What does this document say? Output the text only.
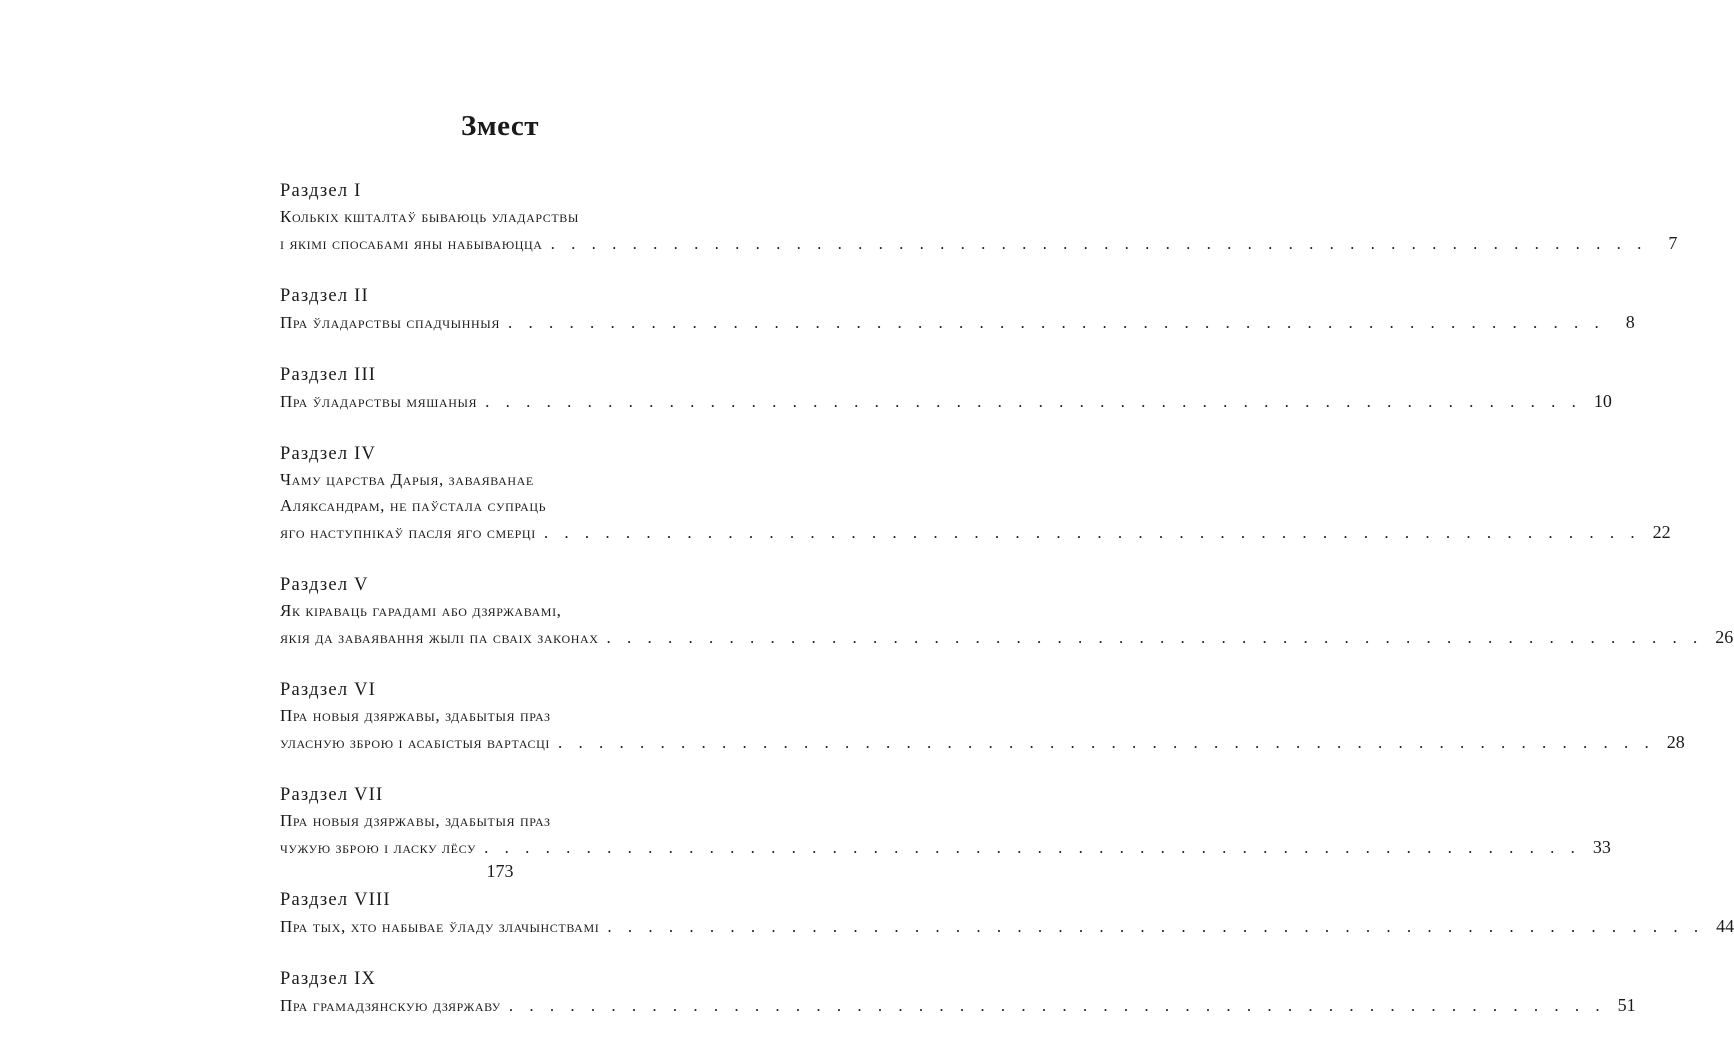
Змест
Раздзел I
Колькіх кшталтаў бываюць уладарствы
і якімі спосабамі яны набываюцца . . . . . . . . . . . . . . . . . . . . . . . . . . . . . . . . . . . . . . . . . . . . . . . . . . . . . .	7
Раздзел II
Пра ўладарствы спадчынныя . . . . . . . . . . . . . . . . . . . . . . . . . . . . . . . . . . . . . . . . . . . . . . . . . . . . . .	8
Раздзел III
Пра ўладарствы мяшаныя . . . . . . . . . . . . . . . . . . . . . . . . . . . . . . . . . . . . . . . . . . . . . . . . . . . . . . 10
Раздзел IV
Чаму царства Дарыя, заваяванае
Аляксандрам, не паўстала супраць
яго наступнікаў пасля яго смерці . . . . . . . . . . . . . . . . . . . . . . . . . . . . . . . . . . . . . . . . . . . . . . . . . . . . . . 22
Раздзел V
Як кіраваць гарадамі або дзяржавамі,
якія да заваявання жылі па сваіх законах . . . . . . . . . . . . . . . . . . . . . . . . . . . . . . . . . . . . . . . . . . . . . . . . . . . . . . 26
Раздзел VI
Пра новыя дзяржавы, здабытыя праз
уласную зброю і асабістыя вартасці . . . . . . . . . . . . . . . . . . . . . . . . . . . . . . . . . . . . . . . . . . . . . . . . . . . . . . 28
Раздзел VII
Пра новыя дзяржавы, здабытыя праз
чужую зброю і ласку лёсу . . . . . . . . . . . . . . . . . . . . . . . . . . . . . . . . . . . . . . . . . . . . . . . . . . . . . . 33
Раздзел VIII
Пра тых, хто набывае ўладу злачынствамі . . . . . . . . . . . . . . . . . . . . . . . . . . . . . . . . . . . . . . . . . . . . . . . . . . . . . . 44
Раздзел IX
Пра грамадзянскую дзяржаву . . . . . . . . . . . . . . . . . . . . . . . . . . . . . . . . . . . . . . . . . . . . . . . . . . . . . . 51
173
